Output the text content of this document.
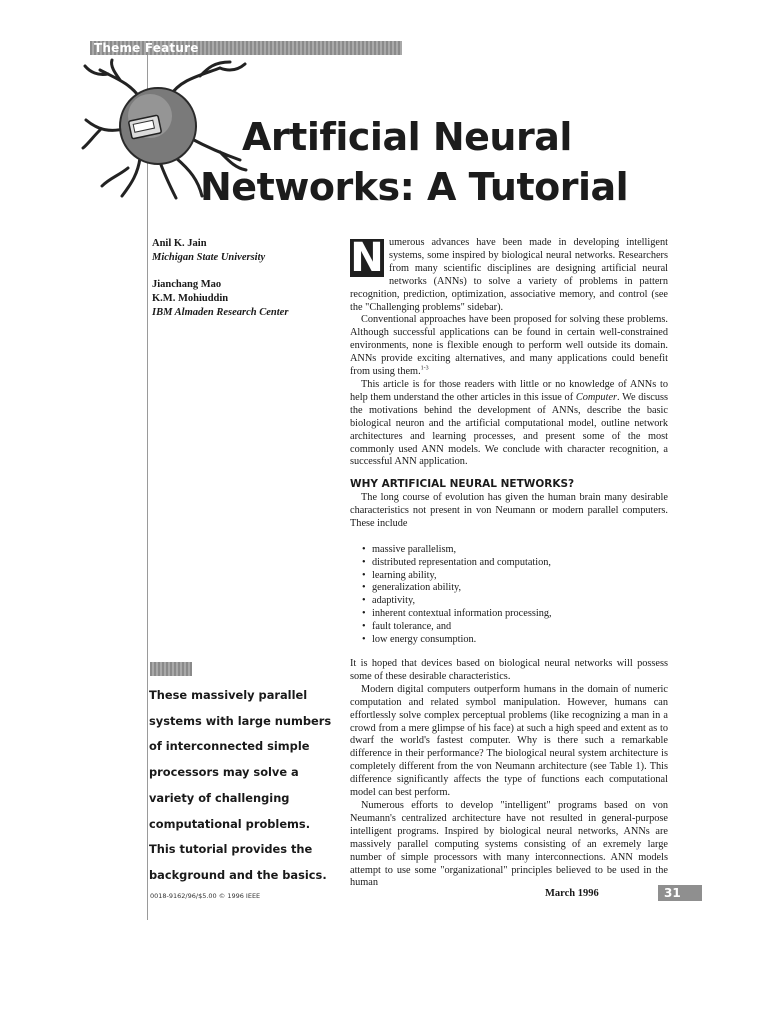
Theme Feature
Artificial Neural
Networks: A Tutorial
Anil K. Jain
Michigan State University
Jianchang Mao
K.M. Mohiuddin
IBM Almaden Research Center

N umerous advances have been made in developing intelligent systems, some inspired by biological neural networks. Researchers from many scientific disciplines are designing artificial neural networks (ANNs) to solve a variety of problems in pattern recognition, prediction, optimization, associative memory, and control (see the "Challenging problems" sidebar).

Conventional approaches have been proposed for solving these problems. Although successful applications can be found in certain well-constrained environments, none is flexible enough to perform well outside its domain. ANNs provide exciting alternatives, and many applications could benefit from using them.$^{1-3}$

This article is for those readers with little or no knowledge of ANNs to help them understand the other articles in this issue of Computer. We discuss the motivations behind the development of ANNs, describe the basic biological neuron and the artificial computational model, outline network architectures and learning processes, and present some of the most commonly used ANN models. We conclude with character recognition, a successful ANN application.

WHY ARTIFICIAL NEURAL NETWORKS?

The long course of evolution has given the human brain many desirable characteristics not present in von Neumann or modern parallel computers. These include

• massive parallelism,
• distributed representation and computation,
• learning ability,
• generalization ability,
• adaptivity,
• inherent contextual information processing,
• fault tolerance, and
• low energy consumption.

It is hoped that devices based on biological neural networks will possess some of these desirable characteristics.

Modern digital computers outperform humans in the domain of numeric computation and related symbol manipulation. However, humans can effortlessly solve complex perceptual problems (like recognizing a man in a crowd from a mere glimpse of his face) at such a high speed and extent as to dwarf the world's fastest computer. Why is there such a remarkable difference in their performance? The biological neural system architecture is completely different from the von Neumann architecture (see Table 1). This difference significantly affects the type of functions each computational model can best perform.

Numerous efforts to develop "intelligent" programs based on von Neumann's centralized architecture have not resulted in general-purpose intelligent programs. Inspired by biological neural networks, ANNs are massively parallel computing systems consisting of an exremely large number of simple processors with many interconnections. ANN models attempt to use some "organizational" principles believed to be used in the human

These massively parallel systems with large numbers of interconnected simple processors may solve a variety of challenging computational problems. This tutorial provides the background and the basics.

0018-9162/96/$5.00 © 1996 IEEE	March 1996	31
